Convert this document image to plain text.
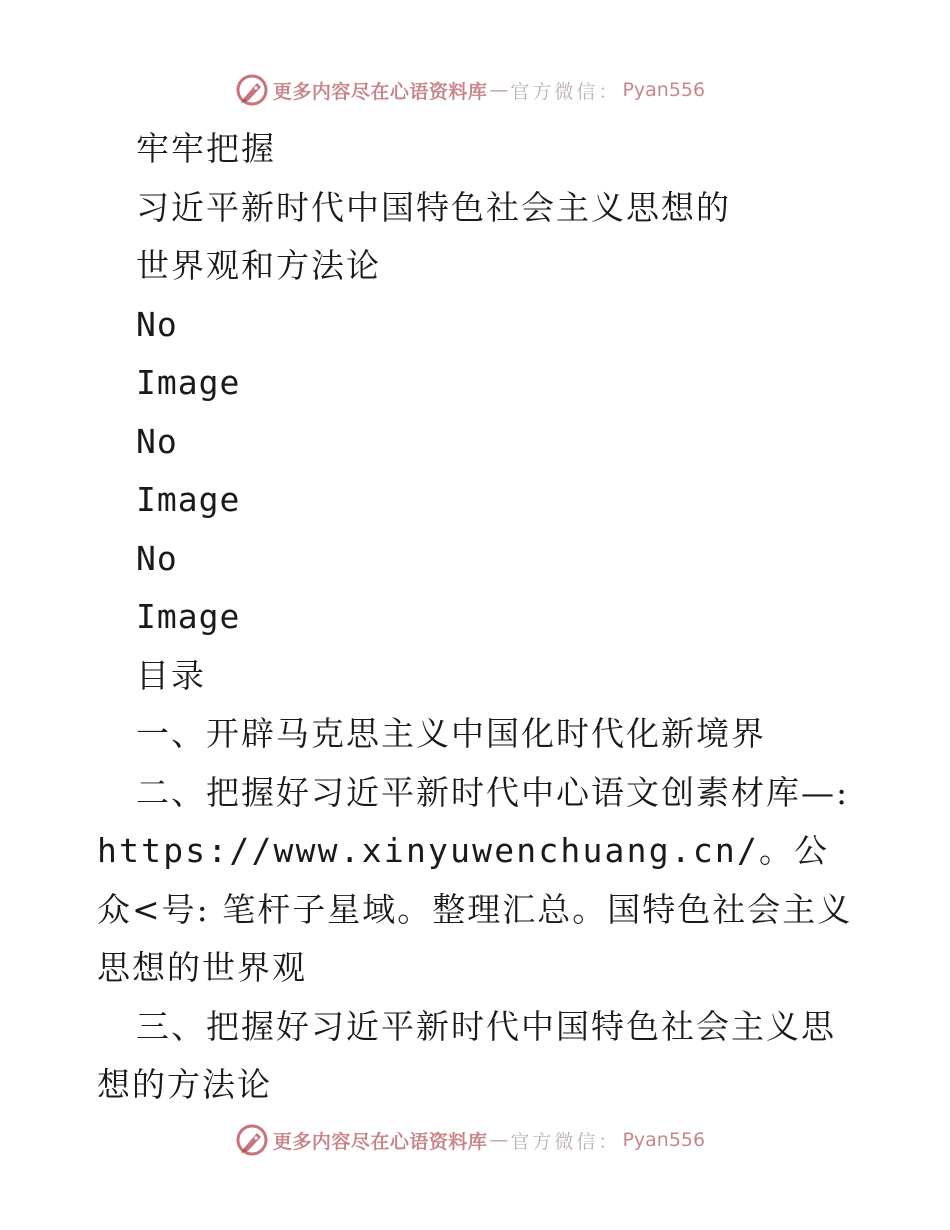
更多内容尽在心语资料库 — 官方微信： Pyan556
牢牢把握
习近平新时代中国特色社会主义思想的
世界观和方法论
No
Image
No
Image
No
Image
目录
一、开辟马克思主义中国化时代化新境界
二、把握好习近平新时代中心语文创素材库—:https://www.xinyuwenchuang.cn/。公众<号: 笔杆子星域。整理汇总。国特色社会主义思想的世界观
三、把握好习近平新时代中国特色社会主义思想的方法论
更多内容尽在心语资料库 — 官方微信： Pyan556
